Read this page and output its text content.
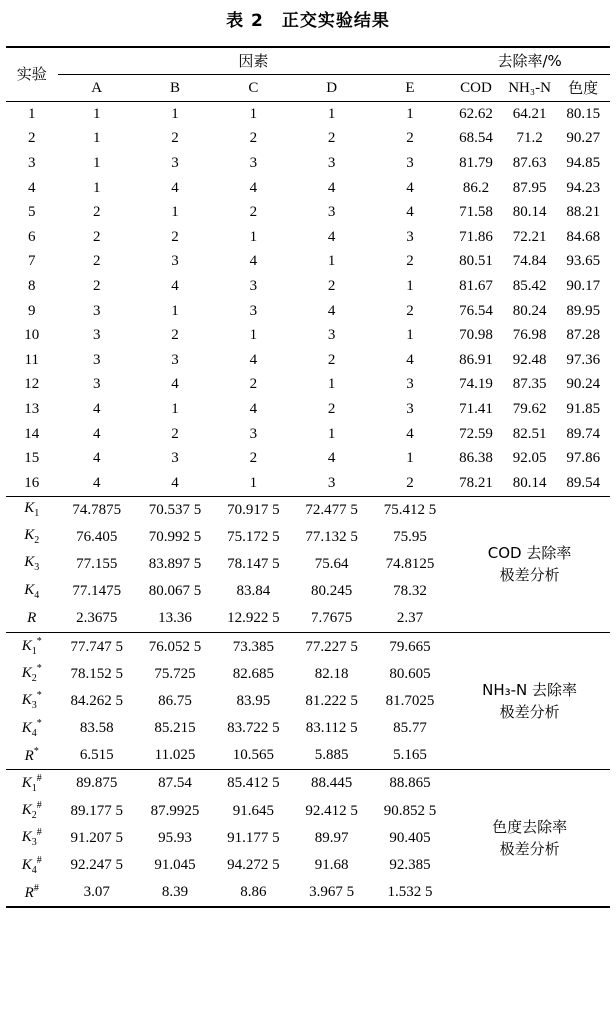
表 2　正交实验结果
实验	因素					去除率/%		
	A	B	C	D	E	COD	NH₃-N	色度
1	1	1	1	1	1	62.62	64.21	80.15
2	1	2	2	2	2	68.54	71.2	90.27
3	1	3	3	3	3	81.79	87.63	94.85
4	1	4	4	4	4	86.2	87.95	94.23
5	2	1	2	3	4	71.58	80.14	88.21
6	2	2	1	4	3	71.86	72.21	84.68
7	2	3	4	1	2	80.51	74.84	93.65
8	2	4	3	2	1	81.67	85.42	90.17
9	3	1	3	4	2	76.54	80.24	89.95
10	3	2	1	3	1	70.98	76.98	87.28
11	3	3	4	2	4	86.91	92.48	97.36
12	3	4	2	1	3	74.19	87.35	90.24
13	4	1	4	2	3	71.41	79.62	91.85
14	4	2	3	1	4	72.59	82.51	89.74
15	4	3	2	4	1	86.38	92.05	97.86
16	4	4	1	3	2	78.21	80.14	89.54
$K_1$	74.7875	70.537 5	70.917 5	72.477 5	75.412 5	COD 去除率
极差分析		

$K_2$	76.405	70.992 5	75.172 5	77.132 5	75.95			
$K_3$	77.155	83.897 5	78.147 5	75.64	74.8125			
$K_4$	77.1475	80.067 5	83.84	80.245	78.32			
R	2.3675	13.36	12.922 5	7.7675	2.37			
$K_1^*$	77.747 5	76.052 5	73.385	77.227 5	79.665	NH₃-N 去除率
极差分析		

$K_2^*$	78.152 5	75.725	82.685	82.18	80.605			
$K_3^*$	84.262 5	86.75	83.95	81.222 5	81.7025			
$K_4^*$	83.58	85.215	83.722 5	83.112 5	85.77			
R*	6.515	11.025	10.565	5.885	5.165			
$K_1^{\#}$	89.875	87.54	85.412 5	88.445	88.865	色度去除率
极差分析		

$K_2^{\#}$	89.177 5	87.9925	91.645	92.412 5	90.852 5			
$K_3^{\#}$	91.207 5	95.93	91.177 5	89.97	90.405			
$K_4^{\#}$	92.247 5	91.045	94.272 5	91.68	92.385			
R#	3.07	8.39	8.86	3.967 5	1.532 5			
